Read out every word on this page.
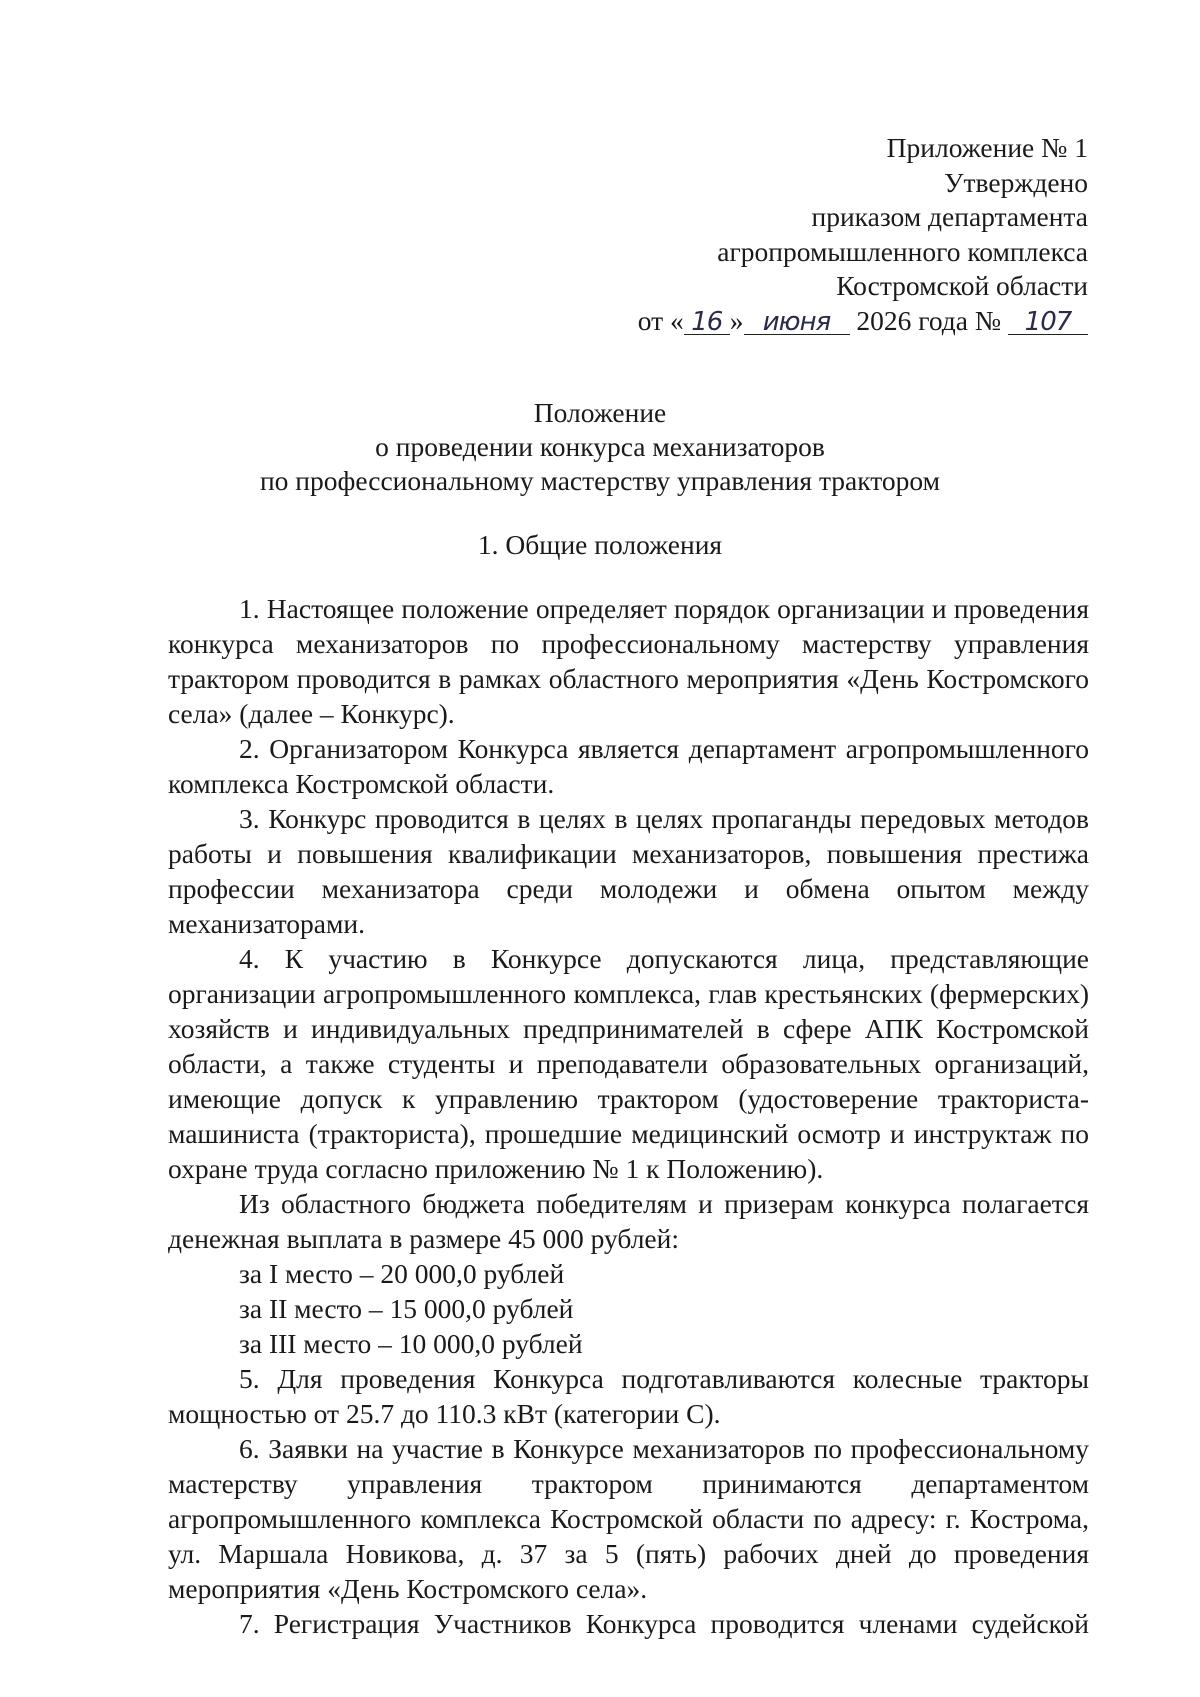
Приложение № 1
Утверждено
приказом департамента
агропромышленного комплекса
Костромской области
от « 16 » июня 2026 года № 107
Положение
о проведении конкурса механизаторов
по профессиональному мастерству управления трактором
1. Общие положения

1. Настоящее положение определяет порядок организации и проведения конкурса механизаторов по профессиональному мастерству управления трактором проводится в рамках областного мероприятия «День Костромского села» (далее – Конкурс).

2. Организатором Конкурса является департамент агропромышленного комплекса Костромской области.

3. Конкурс проводится в целях в целях пропаганды передовых методов работы и повышения квалификации механизаторов, повышения престижа профессии механизатора среди молодежи и обмена опытом между механизаторами.

4. К участию в Конкурсе допускаются лица, представляющие организации агропромышленного комплекса, глав крестьянских (фермерских) хозяйств и индивидуальных предпринимателей в сфере АПК Костромской области, а также студенты и преподаватели образовательных организаций, имеющие допуск к управлению трактором (удостоверение тракториста-машиниста (тракториста), прошедшие медицинский осмотр и инструктаж по охране труда согласно приложению № 1 к Положению).

Из областного бюджета победителям и призерам конкурса полагается денежная выплата в размере 45 000 рублей:

за I место – 20 000,0 рублей

за II место – 15 000,0 рублей

за III место – 10 000,0 рублей

5. Для проведения Конкурса подготавливаются колесные тракторы мощностью от 25.7 до 110.3 кВт (категории C).

6. Заявки на участие в Конкурсе механизаторов по профессиональному мастерству управления трактором принимаются департаментом агропромышленного комплекса Костромской области по адресу: г. Кострома, ул. Маршала Новикова, д. 37 за 5 (пять) рабочих дней до проведения мероприятия «День Костромского села».

7. Регистрация Участников Конкурса проводится членами судейской
